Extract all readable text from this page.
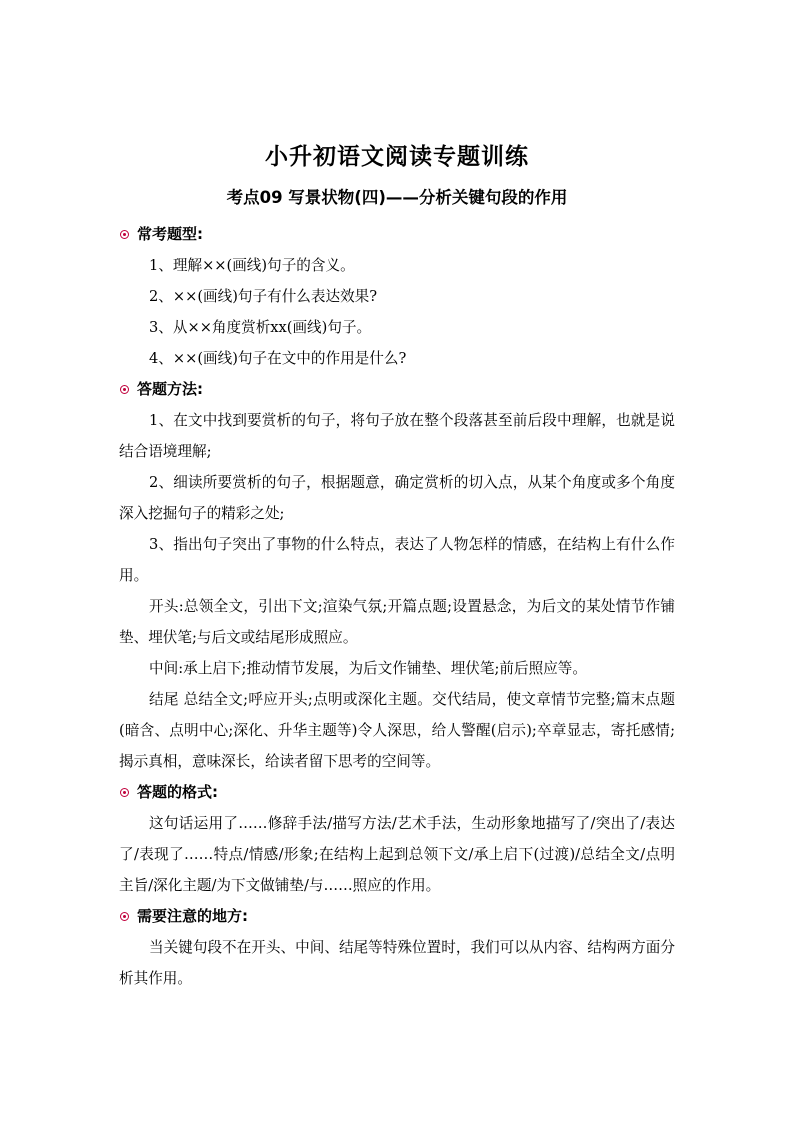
小升初语文阅读专题训练
考点09 写景状物(四)——分析关键句段的作用
常考题型:

1、理解××(画线)句子的含义。

2、××(画线)句子有什么表达效果?

3、从××角度赏析xx(画线)句子。

4、××(画线)句子在文中的作用是什么?

答题方法:

1、在文中找到要赏析的句子，将句子放在整个段落甚至前后段中理解，也就是说结合语境理解;

2、细读所要赏析的句子，根据题意，确定赏析的切入点，从某个角度或多个角度深入挖掘句子的精彩之处;

3、指出句子突出了事物的什么特点，表达了人物怎样的情感，在结构上有什么作用。

开头:总领全文，引出下文;渲染气氛;开篇点题;设置悬念，为后文的某处情节作铺垫、埋伏笔;与后文或结尾形成照应。

中间:承上启下;推动情节发展，为后文作铺垫、埋伏笔;前后照应等。

结尾 总结全文;呼应开头;点明或深化主题。交代结局，使文章情节完整;篇末点题(暗含、点明中心;深化、升华主题等)令人深思，给人警醒(启示);卒章显志，寄托感情;揭示真相，意味深长，给读者留下思考的空间等。

答题的格式:

这句话运用了……修辞手法/描写方法/艺术手法，生动形象地描写了/突出了/表达了/表现了……特点/情感/形象;在结构上起到总领下文/承上启下(过渡)/总结全文/点明主旨/深化主题/为下文做铺垫/与……照应的作用。

需要注意的地方:

当关键句段不在开头、中间、结尾等特殊位置时，我们可以从内容、结构两方面分析其作用。
